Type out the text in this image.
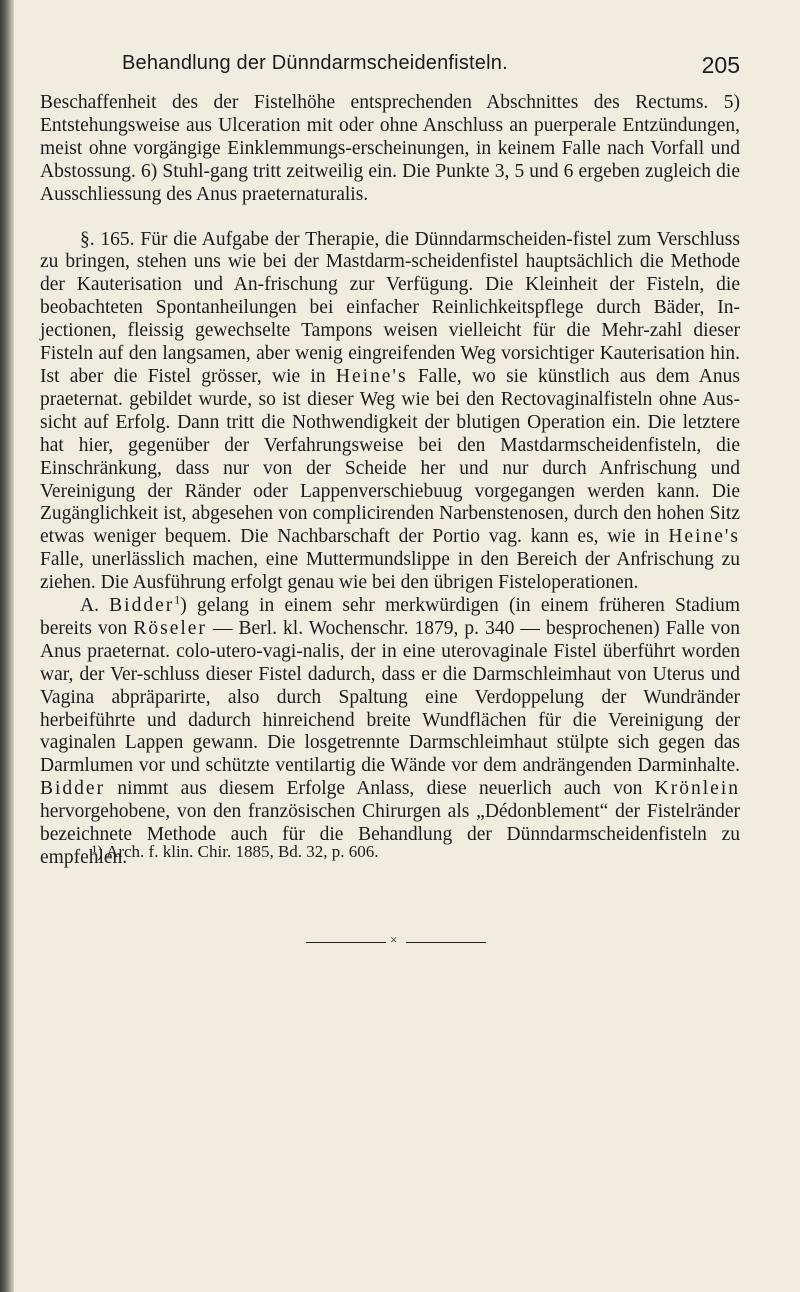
Behandlung der Dünndarmscheidenfisteln.	205

Beschaffenheit des der Fistelhöhe entsprechenden Abschnittes des Rectums. 5) Entstehungsweise aus Ulceration mit oder ohne Anschluss an puerperale Entzündungen, meist ohne vorgängige Einklemmungs-erscheinungen, in keinem Falle nach Vorfall und Abstossung. 6) Stuhl-gang tritt zeitweilig ein. Die Punkte 3, 5 und 6 ergeben zugleich die Ausschliessung des Anus praeternaturalis.

§. 165. Für die Aufgabe der Therapie, die Dünndarmscheiden-fistel zum Verschluss zu bringen, stehen uns wie bei der Mastdarm-scheidenfistel hauptsächlich die Methode der Kauterisation und An-frischung zur Verfügung. Die Kleinheit der Fisteln, die beobachteten Spontanheilungen bei einfacher Reinlichkeitspflege durch Bäder, In-jectionen, fleissig gewechselte Tampons weisen vielleicht für die Mehr-zahl dieser Fisteln auf den langsamen, aber wenig eingreifenden Weg vorsichtiger Kauterisation hin. Ist aber die Fistel grösser, wie in Heine's Falle, wo sie künstlich aus dem Anus praeternat. gebildet wurde, so ist dieser Weg wie bei den Rectovaginalfisteln ohne Aus-sicht auf Erfolg. Dann tritt die Nothwendigkeit der blutigen Operation ein. Die letztere hat hier, gegenüber der Verfahrungsweise bei den Mastdarmscheidenfisteln, die Einschränkung, dass nur von der Scheide her und nur durch Anfrischung und Vereinigung der Ränder oder Lappenverschiebuug vorgegangen werden kann. Die Zugänglichkeit ist, abgesehen von complicirenden Narbenstenosen, durch den hohen Sitz etwas weniger bequem. Die Nachbarschaft der Portio vag. kann es, wie in Heine's Falle, unerlässlich machen, eine Muttermundslippe in den Bereich der Anfrischung zu ziehen. Die Ausführung erfolgt genau wie bei den übrigen Fisteloperationen.

A. Bidder$^1$) gelang in einem sehr merkwürdigen (in einem früheren Stadium bereits von Röseler — Berl. kl. Wochenschr. 1879, p. 340 — besprochenen) Falle von Anus praeternat. colo-utero-vagi-nalis, der in eine uterovaginale Fistel überführt worden war, der Ver-schluss dieser Fistel dadurch, dass er die Darmschleimhaut von Uterus und Vagina abpräparirte, also durch Spaltung eine Verdoppelung der Wundränder herbeiführte und dadurch hinreichend breite Wundflächen für die Vereinigung der vaginalen Lappen gewann. Die losgetrennte Darmschleimhaut stülpte sich gegen das Darmlumen vor und schützte ventilartig die Wände vor dem andrängenden Darminhalte. Bidder nimmt aus diesem Erfolge Anlass, diese neuerlich auch von Krönlein hervorgehobene, von den französischen Chirurgen als „Dédonblement“ der Fistelränder bezeichnete Methode auch für die Behandlung der Dünndarmscheidenfisteln zu empfehlen.

¹) Arch. f. klin. Chir. 1885, Bd. 32, p. 606.
×
